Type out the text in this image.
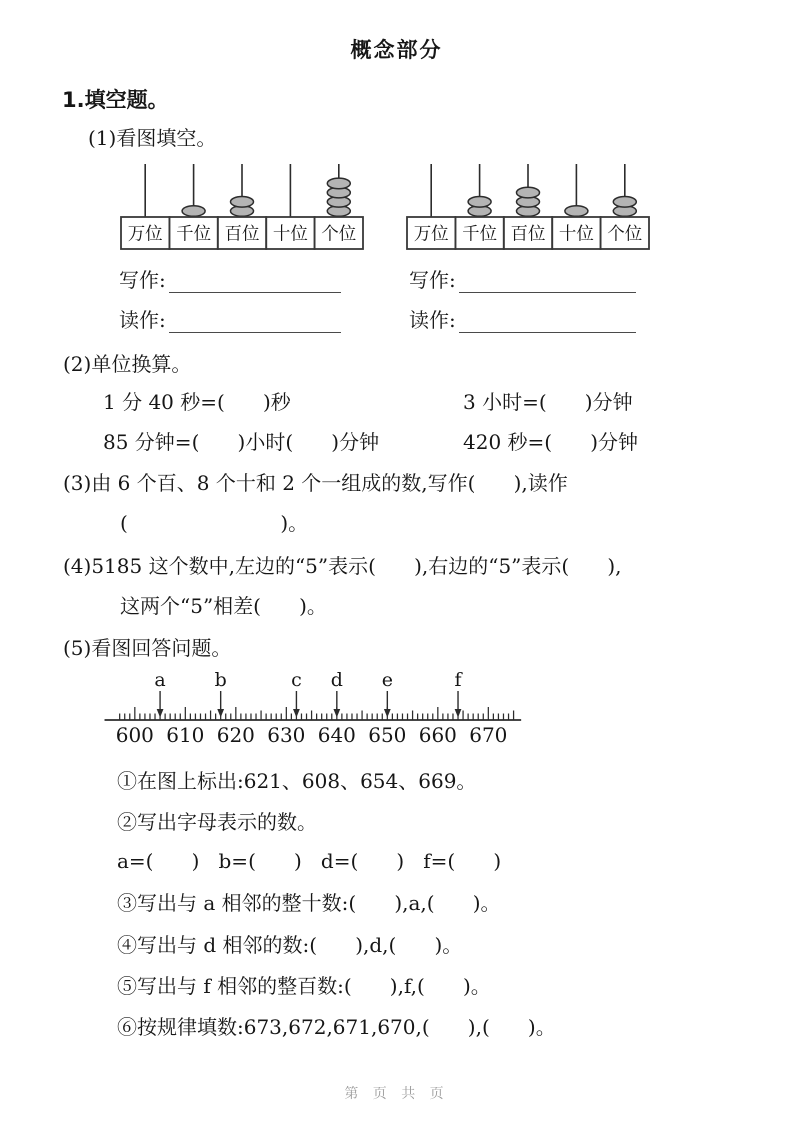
概念部分
1.填空题。
(1)看图填空。
万位 千位 百位 十位 个位	万位 千位 百位 十位 个位
写作:	写作:
读作:	读作:
(2)单位换算。
1 分 40 秒=(      )秒	3 小时=(      )分钟
85 分钟=(      )小时(      )分钟	420 秒=(      )分钟
(3)由 6 个百、8 个十和 2 个一组成的数,写作(      ),读作
(                        )。
(4)5185 这个数中,左边的“5”表示(      ),右边的“5”表示(      ),
这两个“5”相差(      )。
(5)看图回答问题。
600 610 620 630 640 650 660 670
a	b	c d e	f
①在图上标出:621、608、654、669。
②写出字母表示的数。
a=(      )   b=(      )   d=(      )   f=(      )
③写出与 a 相邻的整十数:(      ),a,(      )。
④写出与 d 相邻的数:(      ),d,(      )。
⑤写出与 f 相邻的整百数:(      ),f,(      )。
⑥按规律填数:673,672,671,670,(      ),(      )。
第 页 共 页
